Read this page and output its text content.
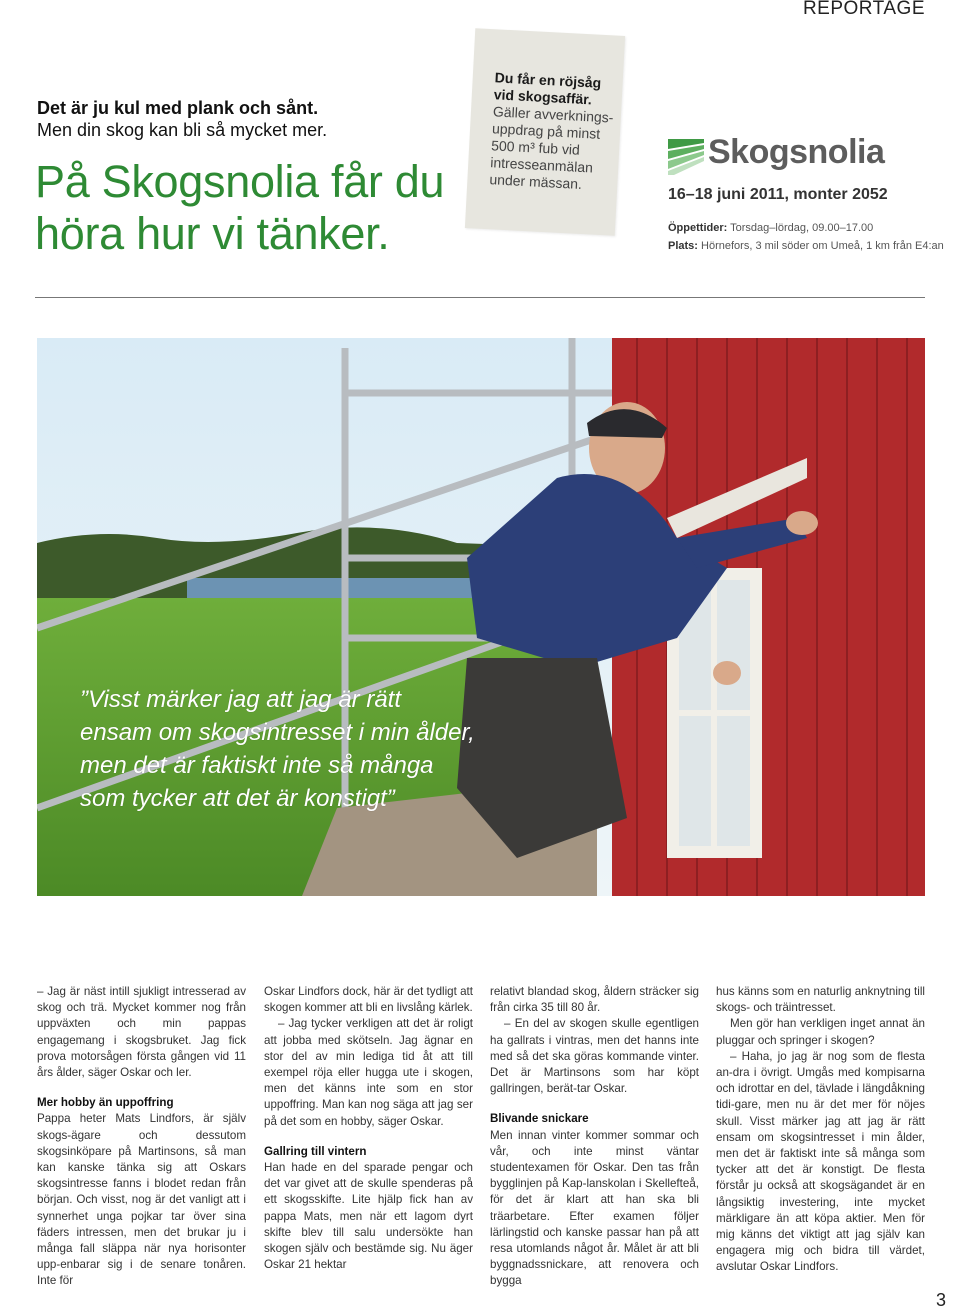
REPORTAGE
Det är ju kul med plank och sånt.
Men din skog kan bli så mycket mer.
På Skogsnolia får du
höra hur vi tänker.
Du får en röjsåg
vid skogsaffär.
Gäller avverknings-
uppdrag på minst
500 m³ fub vid
intresseanmälan
under mässan.
Skogsnolia
16–18 juni 2011, monter 2052
Öppettider: Torsdag–lördag, 09.00–17.00
Plats: Hörnefors, 3 mil söder om Umeå, 1 km från E4:an
”Visst märker jag att jag är rätt
ensam om skogsintresset i min ålder,
men det är faktiskt inte så många
som tycker att det är konstigt”

– Jag är näst intill sjukligt intresserad av skog och trä. Mycket kommer nog från uppväxten och min pappas engagemang i skogsbruket. Jag fick prova motorsågen första gången vid 11 års ålder, säger Oskar och ler.

Mer hobby än uppoffring

Pappa heter Mats Lindfors, är själv skogs-ägare och dessutom skogsinköpare på Martinsons, så man kan kanske tänka sig att Oskars skogsintresse fanns i blodet redan från början. Och visst, nog är det vanligt att i synnerhet unga pojkar tar över sina fäders intressen, men det brukar ju i många fall släppa när nya horisonter upp-enbarar sig i de senare tonåren. Inte för

Oskar Lindfors dock, här är det tydligt att skogen kommer att bli en livslång kärlek.

– Jag tycker verkligen att det är roligt att jobba med skötseln. Jag ägnar en stor del av min lediga tid åt att till exempel röja eller hugga ute i skogen, men det känns inte som en stor uppoffring. Man kan nog säga att jag ser på det som en hobby, säger Oskar.

Gallring till vintern

Han hade en del sparade pengar och det var givet att de skulle spenderas på ett skogsskifte. Lite hjälp fick han av pappa Mats, men när ett lagom dyrt skifte blev till salu undersökte han skogen själv och bestämde sig. Nu äger Oskar 21 hektar

relativt blandad skog, åldern sträcker sig från cirka 35 till 80 år.

– En del av skogen skulle egentligen ha gallrats i vintras, men det hanns inte med så det ska göras kommande vinter. Det är Martinsons som har köpt gallringen, berät-tar Oskar.

Blivande snickare

Men innan vinter kommer sommar och vår, och inte minst väntar studentexamen för Oskar. Den tas från bygglinjen på Kap-lanskolan i Skellefteå, för det är klart att han ska bli träarbetare. Efter examen följer lärlingstid och kanske passar han på att resa utomlands något år. Målet är att bli byggnadssnickare, att renovera och bygga

hus känns som en naturlig anknytning till skogs- och träintresset.

Men gör han verkligen inget annat än pluggar och springer i skogen?

– Haha, jo jag är nog som de flesta an-dra i övrigt. Umgås med kompisarna och idrottar en del, tävlade i längdåkning tidi-gare, men nu är det mer för nöjes skull. Visst märker jag att jag är rätt ensam om skogsintresset i min ålder, men det är faktiskt inte så många som tycker att det är konstigt. De flesta förstår ju också att skogsägandet är en långsiktig investering, inte mycket märkligare än att köpa aktier. Men för mig känns det viktigt att jag själv kan engagera mig och bidra till värdet, avslutar Oskar Lindfors.

3
